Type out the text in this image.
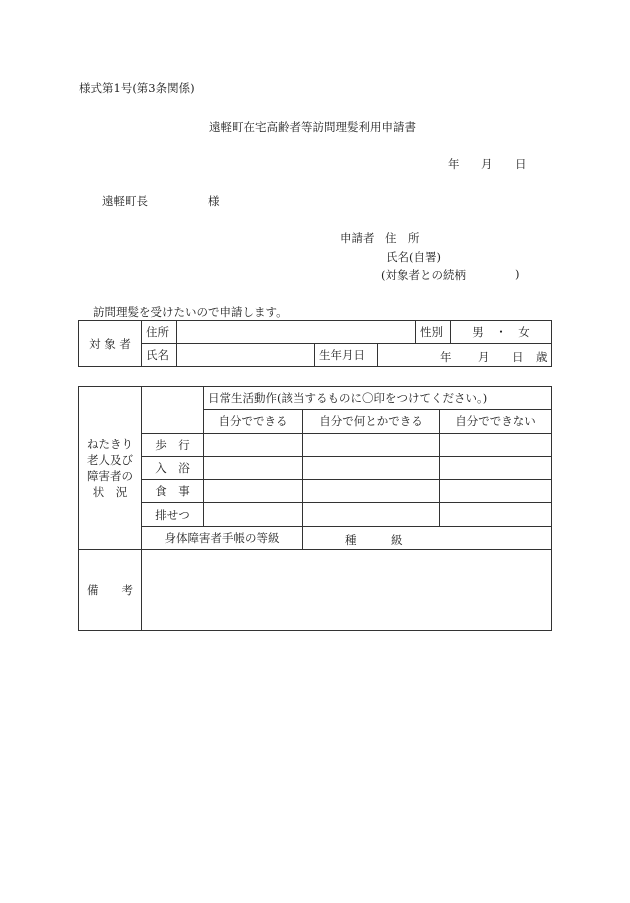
様式第1号(第3条関係)
遠軽町在宅高齢者等訪問理髪利用申請書
年 月 日
遠軽町長	様
申請者 住　所
氏名(自署)
(対象者との続柄	)
訪問理髪を受けたいので申請します。
対 象 者	住所				性別	男　・　女
	氏名		生年月日	年 月 日 歳		
ねたきり
老人及び
障害者の
状　況		日常生活動作(該当するものに〇印をつけてください。)		
		自分でできる	自分で何とかできる	自分でできない
	歩　行			
	入　浴			
	食　事			
	排せつ			
	身体障害者手帳の等級		種 級	

備　　考				
